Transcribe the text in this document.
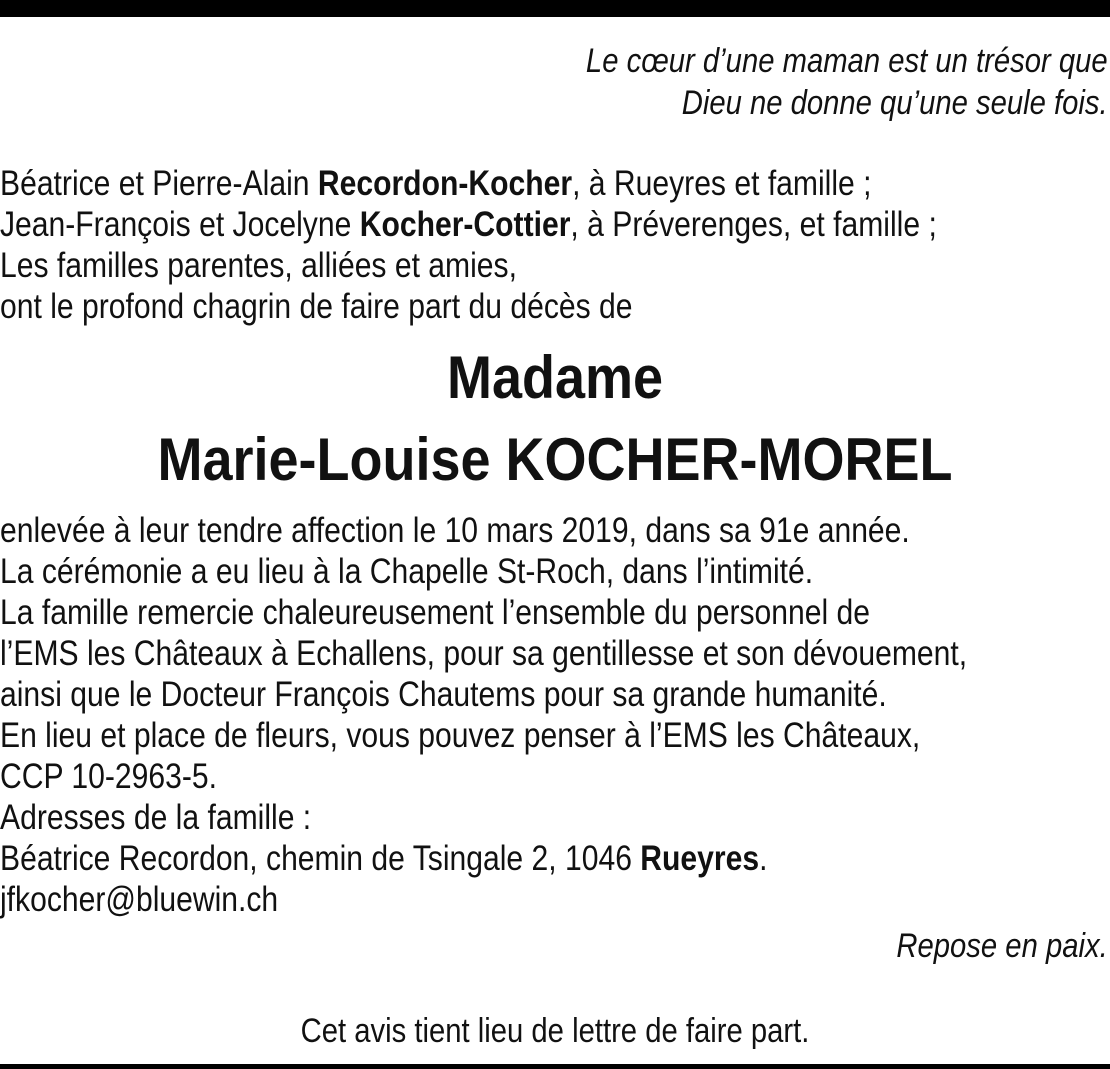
Le cœur d’une maman est un trésor que
Dieu ne donne qu’une seule fois.
Béatrice et Pierre-Alain Recordon-Kocher, à Rueyres et famille ;
Jean-François et Jocelyne Kocher-Cottier, à Préverenges, et famille ;
Les familles parentes, alliées et amies,
ont le profond chagrin de faire part du décès de
Madame
Marie-Louise KOCHER-MOREL
enlevée à leur tendre affection le 10 mars 2019, dans sa 91e année.
La cérémonie a eu lieu à la Chapelle St-Roch, dans l’intimité.
La famille remercie chaleureusement l’ensemble du personnel de
l’EMS les Châteaux à Echallens, pour sa gentillesse et son dévouement,
ainsi que le Docteur François Chautems pour sa grande humanité.
En lieu et place de fleurs, vous pouvez penser à l’EMS les Châteaux,
CCP 10-2963-5.
Adresses de la famille :
Béatrice Recordon, chemin de Tsingale 2, 1046 Rueyres.
jfkocher@bluewin.ch
Repose en paix.
Cet avis tient lieu de lettre de faire part.
